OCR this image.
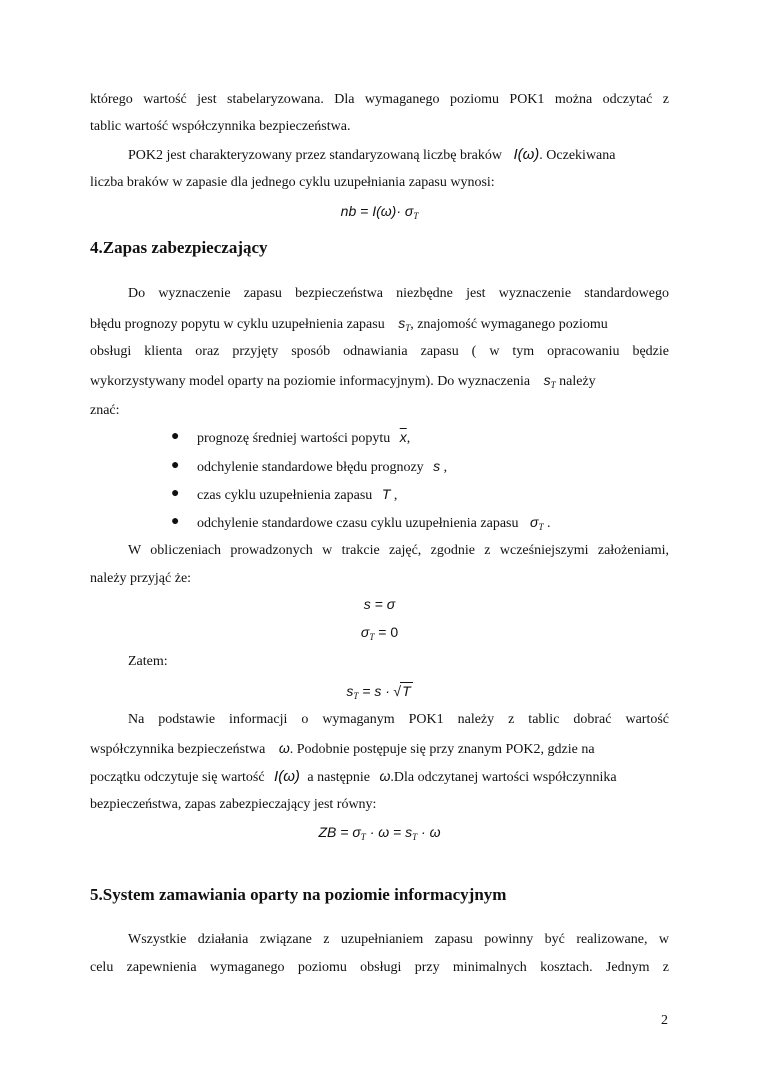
którego wartość jest stabelaryzowana. Dla wymaganego poziomu POK1 można odczytać z
tablic wartość współczynnika bezpieczeństwa.
POK2 jest charakteryzowany przez standaryzowaną liczbę braków I(ω). Oczekiwana
liczba braków w zapasie dla jednego cyklu uzupełniania zapasu wynosi:
nb = $I(\omega)\cdot \sigma_T$
4.Zapas zabezpieczający
Do wyznaczenie zapasu bezpieczeństwa niezbędne jest wyznaczenie standardowego
błędu prognozy popytu w cyklu uzupełnienia zapasu $s_T$, znajomość wymaganego poziomu
obsługi klienta oraz przyjęty sposób odnawiania zapasu ( w tym opracowaniu będzie
wykorzystywany model oparty na poziomie informacyjnym). Do wyznaczenia $s_T$ należy
znać:
● prognozę średniej wartości popytu $\overline{x}$,
● odchylenie standardowe błędu prognozy s ,
● czas cyklu uzupełnienia zapasu T ,
● odchylenie standardowe czasu cyklu uzupełnienia zapasu $\sigma_T$ .
W obliczeniach prowadzonych w trakcie zajęć, zgodnie z wcześniejszymi założeniami,
należy przyjąć że:
s = σ
$\sigma_T = 0$
Zatem:
$s_T = s \cdot √T$
Na podstawie informacji o wymaganym POK1 należy z tablic dobrać wartość
współczynnika bezpieczeństwa ω. Podobnie postępuje się przy znanym POK2, gdzie na
początku odczytuje się wartość I(ω) a następnie ω.Dla odczytanej wartości współczynnika
bezpieczeństwa, zapas zabezpieczający jest równy:
ZB = $\sigma_T \cdot \omega = s_T \cdot \omega$
5.System zamawiania oparty na poziomie informacyjnym
Wszystkie działania związane z uzupełnianiem zapasu powinny być realizowane, w
celu zapewnienia wymaganego poziomu obsługi przy minimalnych kosztach. Jednym z
2
